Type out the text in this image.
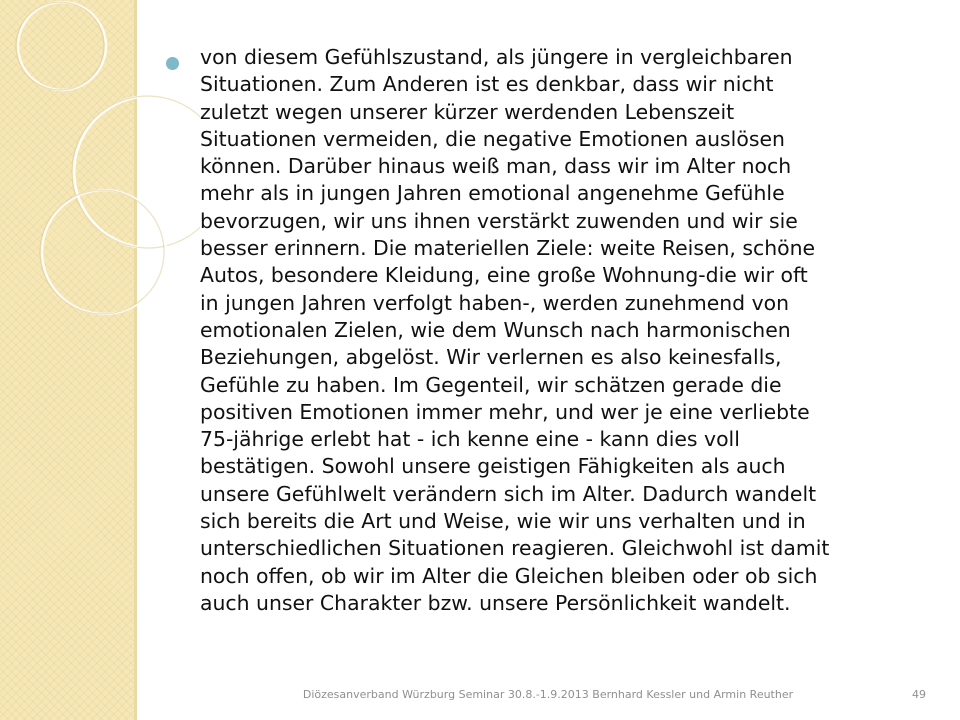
von diesem Gefühlszustand, als jüngere in vergleichbaren
Situationen. Zum Anderen ist es denkbar, dass wir nicht
zuletzt wegen unserer kürzer werdenden Lebenszeit
Situationen vermeiden, die negative Emotionen auslösen
können. Darüber hinaus weiß man, dass wir im Alter noch
mehr als in jungen Jahren emotional angenehme Gefühle
bevorzugen, wir uns ihnen verstärkt zuwenden und wir sie
besser erinnern. Die materiellen Ziele: weite Reisen, schöne
Autos, besondere Kleidung, eine große Wohnung-die wir oft
in jungen Jahren verfolgt haben-, werden zunehmend von
emotionalen Zielen, wie dem Wunsch nach harmonischen
Beziehungen, abgelöst. Wir verlernen es also keinesfalls,
Gefühle zu haben. Im Gegenteil, wir schätzen gerade die
positiven Emotionen immer mehr, und wer je eine verliebte
75-jährige erlebt hat - ich kenne eine - kann dies voll
bestätigen. Sowohl unsere geistigen Fähigkeiten als auch
unsere Gefühlwelt verändern sich im Alter. Dadurch wandelt
sich bereits die Art und Weise, wie wir uns verhalten und in
unterschiedlichen Situationen reagieren. Gleichwohl ist damit
noch offen, ob wir im Alter die Gleichen bleiben oder ob sich
auch unser Charakter bzw. unsere Persönlichkeit wandelt.

Diözesanverband Würzburg Seminar 30.8.-1.9.2013 Bernhard Kessler und Armin Reuther	49
